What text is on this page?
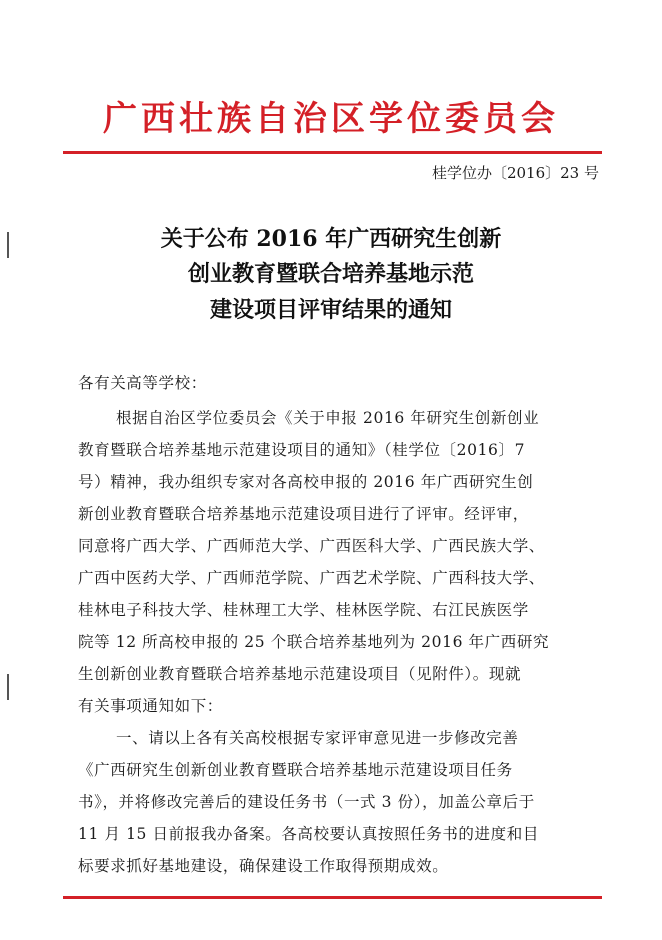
广西壮族自治区学位委员会
桂学位办〔2016〕23 号
关于公布 2016 年广西研究生创新
创业教育暨联合培养基地示范
建设项目评审结果的通知
各有关高等学校：
根据自治区学位委员会《关于申报 2016 年研究生创新创业
教育暨联合培养基地示范建设项目的通知》（桂学位〔2016〕7
号）精神，我办组织专家对各高校申报的 2016 年广西研究生创
新创业教育暨联合培养基地示范建设项目进行了评审。经评审，
同意将广西大学、广西师范大学、广西医科大学、广西民族大学、
广西中医药大学、广西师范学院、广西艺术学院、广西科技大学、
桂林电子科技大学、桂林理工大学、桂林医学院、右江民族医学
院等 12 所高校申报的 25 个联合培养基地列为 2016 年广西研究
生创新创业教育暨联合培养基地示范建设项目（见附件）。现就
有关事项通知如下：
一、请以上各有关高校根据专家评审意见进一步修改完善
《广西研究生创新创业教育暨联合培养基地示范建设项目任务
书》，并将修改完善后的建设任务书（一式 3 份），加盖公章后于
11 月 15 日前报我办备案。各高校要认真按照任务书的进度和目
标要求抓好基地建设，确保建设工作取得预期成效。
